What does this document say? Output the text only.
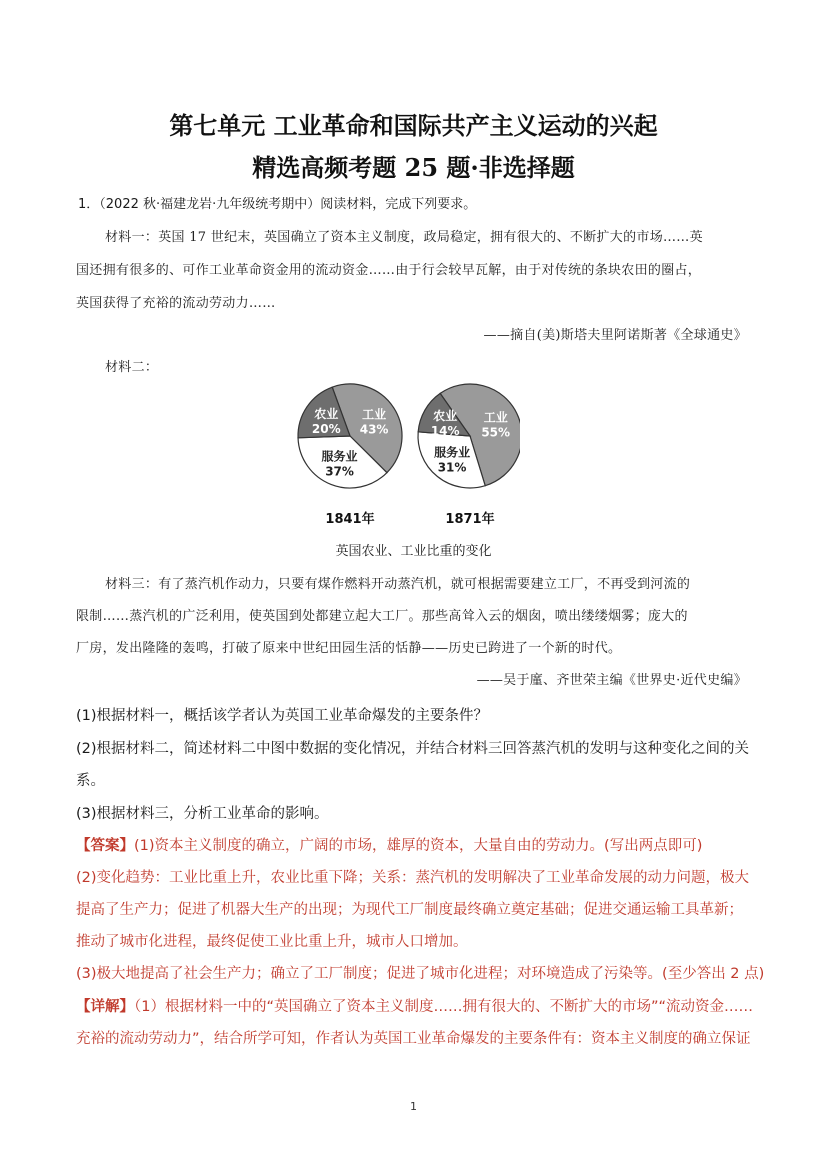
第七单元 工业革命和国际共产主义运动的兴起
精选高频考题 25 题·非选择题
1．（2022 秋·福建龙岩·九年级统考期中）阅读材料，完成下列要求。
材料一：英国 17 世纪末，英国确立了资本主义制度，政局稳定，拥有很大的、不断扩大的市场……英
国还拥有很多的、可作工业革命资金用的流动资金……由于行会较早瓦解，由于对传统的条块农田的圈占，
英国获得了充裕的流动劳动力……
——摘自(美)斯塔夫里阿诺斯著《全球通史》
材料二：
工业
43%
服务业
37%
农业
20%
工业
55%
服务业
31%
农业
14%
1841年	1871年
英国农业、工业比重的变化
材料三：有了蒸汽机作动力，只要有煤作燃料开动蒸汽机，就可根据需要建立工厂，不再受到河流的
限制……蒸汽机的广泛利用，使英国到处都建立起大工厂。那些高耸入云的烟囱，喷出缕缕烟雾；庞大的
厂房，发出隆隆的轰鸣，打破了原来中世纪田园生活的恬静——历史已跨进了一个新的时代。
——吴于廑、齐世荣主编《世界史·近代史编》
(1)根据材料一，概括该学者认为英国工业革命爆发的主要条件？
(2)根据材料二，简述材料二中图中数据的变化情况，并结合材料三回答蒸汽机的发明与这种变化之间的关
系。
(3)根据材料三，分析工业革命的影响。
【答案】(1)资本主义制度的确立，广阔的市场，雄厚的资本，大量自由的劳动力。(写出两点即可)
(2)变化趋势：工业比重上升，农业比重下降；关系：蒸汽机的发明解决了工业革命发展的动力问题，极大
提高了生产力；促进了机器大生产的出现；为现代工厂制度最终确立奠定基础；促进交通运输工具革新；
推动了城市化进程，最终促使工业比重上升，城市人口增加。
(3)极大地提高了社会生产力；确立了工厂制度；促进了城市化进程；对环境造成了污染等。(至少答出 2 点)
【详解】（1）根据材料一中的“英国确立了资本主义制度……拥有很大的、不断扩大的市场”“流动资金……
充裕的流动劳动力”，结合所学可知，作者认为英国工业革命爆发的主要条件有：资本主义制度的确立保证
1
